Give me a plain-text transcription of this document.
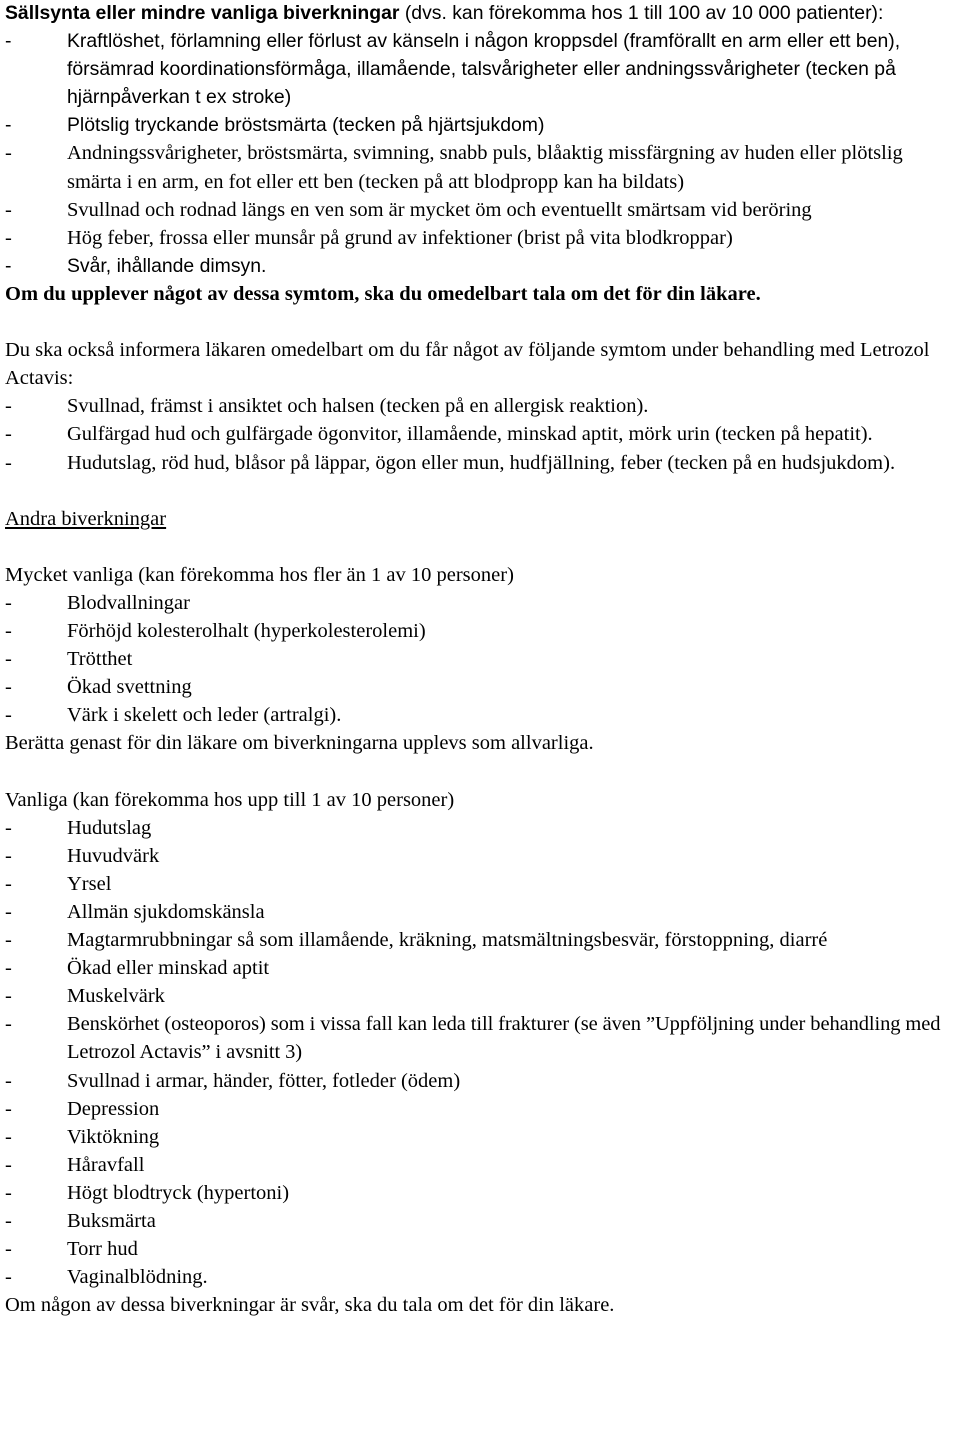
Sällsynta eller mindre vanliga biverkningar (dvs. kan förekomma hos 1 till 100 av 10 000 patienter):

- Kraftlöshet, förlamning eller förlust av känseln i någon kroppsdel (framförallt en arm eller ett ben), försämrad koordinationsförmåga, illamående, talsvårigheter eller andningssvårigheter (tecken på hjärnpåverkan t ex stroke)
- Plötslig tryckande bröstsmärta (tecken på hjärtsjukdom)
- Andningssvårigheter, bröstsmärta, svimning, snabb puls, blåaktig missfärgning av huden eller plötslig smärta i en arm, en fot eller ett ben (tecken på att blodpropp kan ha bildats)
- Svullnad och rodnad längs en ven som är mycket öm och eventuellt smärtsam vid beröring
- Hög feber, frossa eller munsår på grund av infektioner (brist på vita blodkroppar)
- Svår, ihållande dimsyn.

Om du upplever något av dessa symtom, ska du omedelbart tala om det för din läkare.

Du ska också informera läkaren omedelbart om du får något av följande symtom under behandling med Letrozol Actavis:

- Svullnad, främst i ansiktet och halsen (tecken på en allergisk reaktion).
- Gulfärgad hud och gulfärgade ögonvitor, illamående, minskad aptit, mörk urin (tecken på hepatit).
- Hudutslag, röd hud, blåsor på läppar, ögon eller mun, hudfjällning, feber (tecken på en hudsjukdom).

Andra biverkningar

Mycket vanliga (kan förekomma hos fler än 1 av 10 personer)

- Blodvallningar
- Förhöjd kolesterolhalt (hyperkolesterolemi)
- Trötthet
- Ökad svettning
- Värk i skelett och leder (artralgi).

Berätta genast för din läkare om biverkningarna upplevs som allvarliga.

Vanliga (kan förekomma hos upp till 1 av 10 personer)

- Hudutslag
- Huvudvärk
- Yrsel
- Allmän sjukdomskänsla
- Magtarmrubbningar så som illamående, kräkning, matsmältningsbesvär, förstoppning, diarré
- Ökad eller minskad aptit
- Muskelvärk
- Benskörhet (osteoporos) som i vissa fall kan leda till frakturer (se även ”Uppföljning under behandling med Letrozol Actavis” i avsnitt 3)
- Svullnad i armar, händer, fötter, fotleder (ödem)
- Depression
- Viktökning
- Håravfall
- Högt blodtryck (hypertoni)
- Buksmärta
- Torr hud
- Vaginalblödning.

Om någon av dessa biverkningar är svår, ska du tala om det för din läkare.
